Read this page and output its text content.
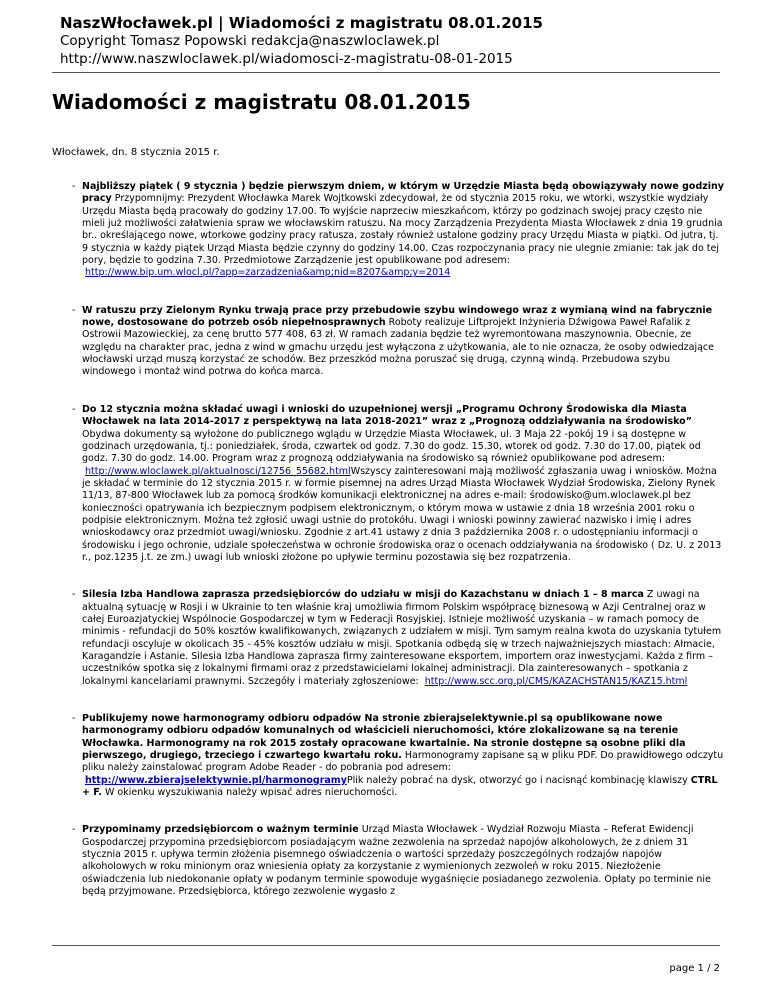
NaszWłocławek.pl | Wiadomości z magistratu 08.01.2015
Copyright Tomasz Popowski redakcja@naszwloclawek.pl
http://www.naszwloclawek.pl/wiadomosci-z-magistratu-08-01-2015
Wiadomości z magistratu 08.01.2015
Włocławek, dn. 8 stycznia 2015 r.
- Najbliższy piątek ( 9 stycznia ) będzie pierwszym dniem, w którym w Urzędzie Miasta będą obowiązywały nowe godziny pracy Przypomnijmy: Prezydent Włocławka Marek Wojtkowski zdecydował, że od stycznia 2015 roku, we wtorki, wszystkie wydziały Urzędu Miasta będą pracowały do godziny 17.00. To wyjście naprzeciw mieszkańcom, którzy po godzinach swojej pracy często nie mieli już możliwości załatwienia spraw we włocławskim ratuszu. Na mocy Zarządzenia Prezydenta Miasta Włocławek z dnia 19 grudnia br.. określającego nowe, wtorkowe godziny pracy ratusza, zostały również ustalone godziny pracy Urzędu Miasta w piątki. Od jutra, tj. 9 stycznia w każdy piątek Urząd Miasta będzie czynny do godziny 14.00. Czas rozpoczynania pracy nie ulegnie zmianie: tak jak do tej pory, będzie to godzina 7.30. Przedmiotowe Zarządzenie jest opublikowane pod adresem:
http://www.bip.um.wlocl.pl/?app=zarzadzenia&amp;nid=8207&amp;y=2014

- W ratuszu przy Zielonym Rynku trwają prace przy przebudowie szybu windowego wraz z wymianą wind na fabrycznie nowe, dostosowane do potrzeb osób niepełnosprawnych Roboty realizuje Liftprojekt Inżynieria Dźwigowa Paweł Rafalik z Ostrowii Mazowieckiej, za cenę brutto 577 408, 63 zł. W ramach zadania będzie też wyremontowana maszynownia. Obecnie, ze względu na charakter prac, jedna z wind w gmachu urzędu jest wyłączona z użytkowania, ale to nie oznacza, że osoby odwiedzające włocławski urząd muszą korzystać ze schodów. Bez przeszkód można poruszać się drugą, czynną windą. Przebudowa szybu windowego i montaż wind potrwa do końca marca.

- Do 12 stycznia można składać uwagi i wnioski do uzupełnionej wersji „Programu Ochrony Środowiska dla Miasta Włocławek na lata 2014-2017 z perspektywą na lata 2018-2021” wraz z „Prognozą oddziaływania na środowisko” Obydwa dokumenty są wyłożone do publicznego wglądu w Urzędzie Miasta Włocławek, ul. 3 Maja 22 -pokój 19 i są dostępne w godzinach urzędowania, tj.: poniedziałek, środa, czwartek od godz. 7.30 do godz. 15.30, wtorek od godz. 7.30 do 17.00, piątek od godz. 7.30 do godz. 14.00. Program wraz z prognozą oddziaływania na środowisko są również opublikowane pod adresem:
http://www.wloclawek.pl/aktualnosci/12756_55682.htmlWszyscy zainteresowani mają możliwość zgłaszania uwag i wniosków. Można je składać w terminie do 12 stycznia 2015 r. w formie pisemnej na adres Urząd Miasta Włocławek Wydział Środowiska, Zielony Rynek 11/13, 87-800 Włocławek lub za pomocą środków komunikacji elektronicznej na adres e-mail: środowisko@um.wloclawek.pl bez konieczności opatrywania ich bezpiecznym podpisem elektronicznym, o którym mowa w ustawie z dnia 18 września 2001 roku o podpisie elektronicznym. Można też zgłosić uwagi ustnie do protokółu. Uwagi i wnioski powinny zawierać nazwisko i imię i adres wnioskodawcy oraz przedmiot uwagi/wniosku. Zgodnie z art.41 ustawy z dnia 3 października 2008 r. o udostępnianiu informacji o środowisku i jego ochronie, udziale społeczeństwa w ochronie środowiska oraz o ocenach oddziaływania na środowisko ( Dz. U. z 2013 r., poz.1235 j.t. ze zm.) uwagi lub wnioski złożone po upływie terminu pozostawia się bez rozpatrzenia.

- Silesia Izba Handlowa zaprasza przedsiębiorców do udziału w misji do Kazachstanu w dniach 1 – 8 marca Z uwagi na aktualną sytuację w Rosji i w Ukrainie to ten właśnie kraj umożliwia firmom Polskim współpracę biznesową w Azji Centralnej oraz w całej Euroazjatyckiej Wspólnocie Gospodarczej w tym w Federacji Rosyjskiej. Istnieje możliwość uzyskania – w ramach pomocy de minimis - refundacji do 50% kosztów kwalifikowanych, związanych z udziałem w misji. Tym samym realna kwota do uzyskania tytułem refundacji oscyluje w okolicach 35 - 45% kosztów udziału w misji. Spotkania odbędą się w trzech najważniejszych miastach: Ałmacie, Karagandzie i Astanie. Silesia Izba Handlowa zaprasza firmy zainteresowane eksportem, importem oraz inwestycjami. Każda z firm – uczestników spotka się z lokalnymi firmami oraz z przedstawicielami lokalnej administracji. Dla zainteresowanych – spotkania z lokalnymi kancelariami prawnymi. Szczegóły i materiały zgłoszeniowe: http://www.scc.org.pl/CMS/KAZACHSTAN15/KAZ15.html

- Publikujemy nowe harmonogramy odbioru odpadów Na stronie zbierajselektywnie.pl są opublikowane nowe harmonogramy odbioru odpadów komunalnych od właścicieli nieruchomości, które zlokalizowane są na terenie Włocławka. Harmonogramy na rok 2015 zostały opracowane kwartalnie. Na stronie dostępne są osobne pliki dla pierwszego, drugiego, trzeciego i czwartego kwartału roku. Harmonogramy zapisane są w pliku PDF. Do prawidłowego odczytu pliku należy zainstalować program Adobe Reader - do pobrania pod adresem:
http://www.zbierajselektywnie.pl/harmonogramyPlik należy pobrać na dysk, otworzyć go i nacisnąć kombinację klawiszy CTRL + F. W okienku wyszukiwania należy wpisać adres nieruchomości.

- Przypominamy przedsiębiorcom o ważnym terminie Urząd Miasta Włocławek - Wydział Rozwoju Miasta – Referat Ewidencji Gospodarczej przypomina przedsiębiorcom posiadającym ważne zezwolenia na sprzedaż napojów alkoholowych, że z dniem 31 stycznia 2015 r. upływa termin złożenia pisemnego oświadczenia o wartości sprzedaży poszczególnych rodzajów napojów alkoholowych w roku minionym oraz wniesienia opłaty za korzystanie z wymienionych zezwoleń w roku 2015. Niezłożenie oświadczenia lub niedokonanie opłaty w podanym terminie spowoduje wygaśnięcie posiadanego zezwolenia. Opłaty po terminie nie będą przyjmowane. Przedsiębiorca, którego zezwolenie wygasło z

page 1 / 2
